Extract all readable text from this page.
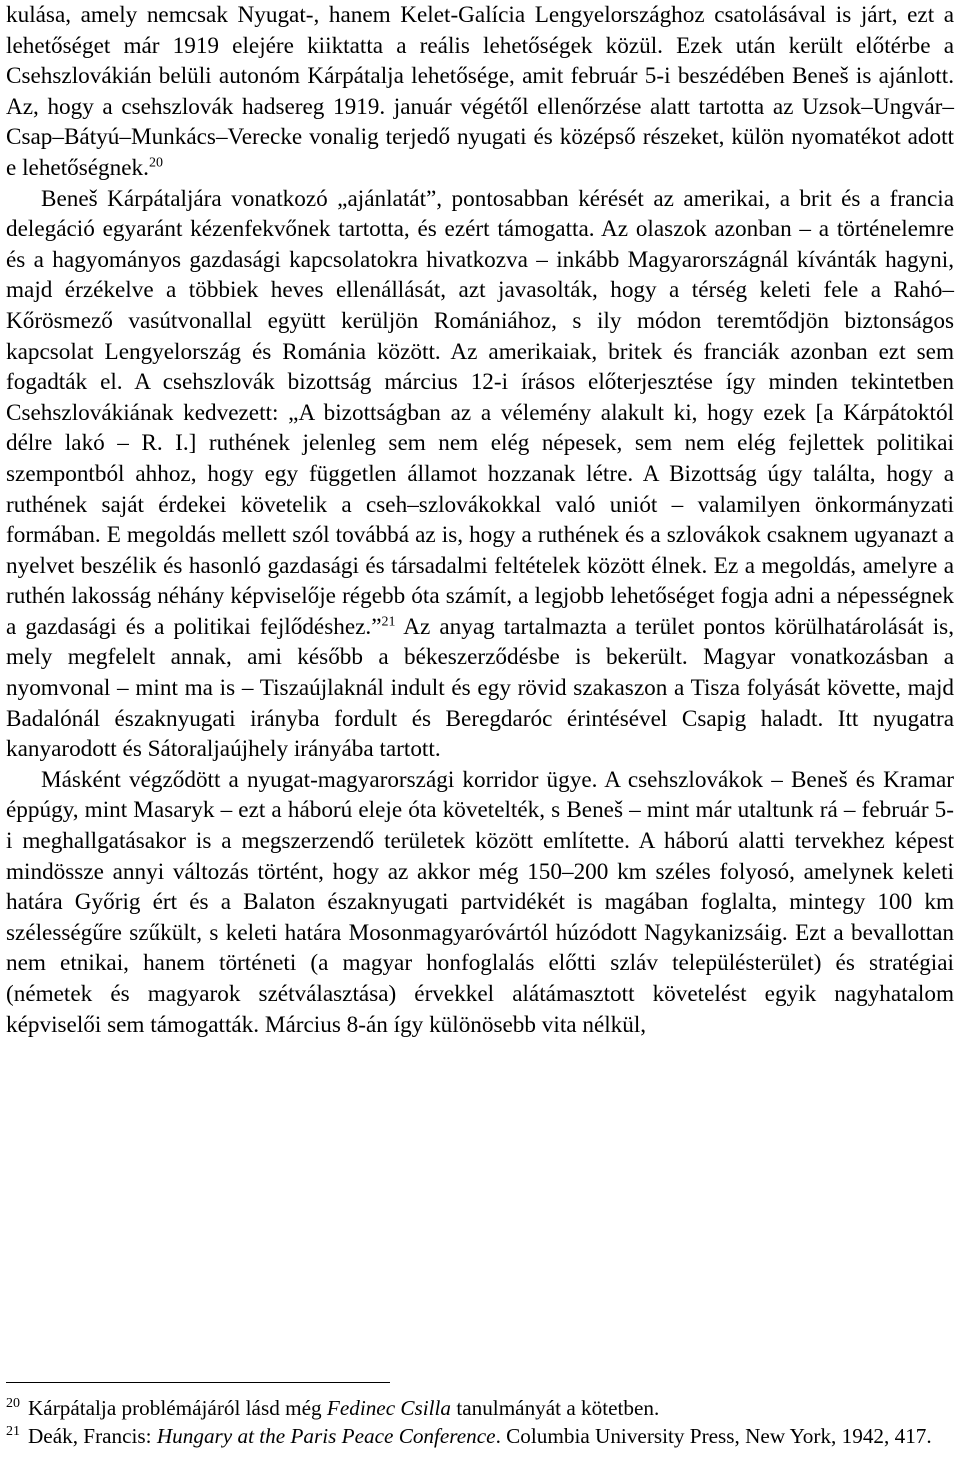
kulása, amely nemcsak Nyugat-, hanem Kelet-Galícia Lengyelországhoz csatolásával is járt, ezt a lehetőséget már 1919 elejére kiiktatta a reális lehetőségek közül. Ezek után került előtérbe a Csehszlovákián belüli autonóm Kárpátalja lehetősége, amit február 5-i beszédében Beneš is ajánlott. Az, hogy a csehszlovák hadsereg 1919. január végétől ellenőrzése alatt tartotta az Uzsok–Ungvár–Csap–Bátyú–Munkács–Verecke vonalig terjedő nyugati és középső részeket, külön nyomatékot adott e lehetőségnek.$^{20}$

Beneš Kárpátaljára vonatkozó „ajánlatát”, pontosabban kérését az amerikai, a brit és a francia delegáció egyaránt kézenfekvőnek tartotta, és ezért támogatta. Az olaszok azonban – a történelemre és a hagyományos gazdasági kapcsolatokra hivatkozva – inkább Magyarországnál kívánták hagyni, majd érzékelve a többiek heves ellenállását, azt javasolták, hogy a térség keleti fele a Rahó–Kőrösmező vasútvonallal együtt kerüljön Romániához, s ily módon teremtődjön biztonságos kapcsolat Lengyelország és Románia között. Az amerikaiak, britek és franciák azonban ezt sem fogadták el. A csehszlovák bizottság március 12-i írásos előterjesztése így minden tekintetben Csehszlovákiának kedvezett: „A bizottságban az a vélemény alakult ki, hogy ezek [a Kárpátoktól délre lakó – R. I.] ruthének jelenleg sem nem elég népesek, sem nem elég fejlettek politikai szempontból ahhoz, hogy egy független államot hozzanak létre. A Bizottság úgy találta, hogy a ruthének saját érdekei követelik a cseh–szlovákokkal való uniót – valamilyen önkormányzati formában. E megoldás mellett szól továbbá az is, hogy a ruthének és a szlovákok csaknem ugyanazt a nyelvet beszélik és hasonló gazdasági és társadalmi feltételek között élnek. Ez a megoldás, amelyre a ruthén lakosság néhány képviselője régebb óta számít, a legjobb lehetőséget fogja adni a népességnek a gazdasági és a politikai fejlődéshez.”$^{21}$ Az anyag tartalmazta a terület pontos körülhatárolását is, mely megfelelt annak, ami később a békeszerződésbe is bekerült. Magyar vonatkozásban a nyomvonal – mint ma is – Tiszaújlaknál indult és egy rövid szakaszon a Tisza folyását követte, majd Badalónál északnyugati irányba fordult és Beregdaróc érintésével Csapig haladt. Itt nyugatra kanyarodott és Sátoraljaújhely irányába tartott.

Másként végződött a nyugat-magyarországi korridor ügye. A csehszlovákok – Beneš és Kramar éppúgy, mint Masaryk – ezt a háború eleje óta követelték, s Beneš – mint már utaltunk rá – február 5-i meghallgatásakor is a megszerzendő területek között említette. A háború alatti tervekhez képest mindössze annyi változás történt, hogy az akkor még 150–200 km széles folyosó, amelynek keleti határa Győrig ért és a Balaton északnyugati partvidékét is magában foglalta, mintegy 100 km szélességűre szűkült, s keleti határa Mosonmagyaróvártól húzódott Nagykanizsáig. Ezt a bevallottan nem etnikai, hanem történeti (a magyar honfoglalás előtti szláv településterület) és stratégiai (németek és magyarok szétválasztása) érvekkel alátámasztott követelést egyik nagyhatalom képviselői sem támogatták. Március 8-án így különösebb vita nélkül,

20 Kárpátalja problémájáról lásd még Fedinec Csilla tanulmányát a kötetben.

21 Deák, Francis: Hungary at the Paris Peace Conference. Columbia University Press, New York, 1942, 417.
